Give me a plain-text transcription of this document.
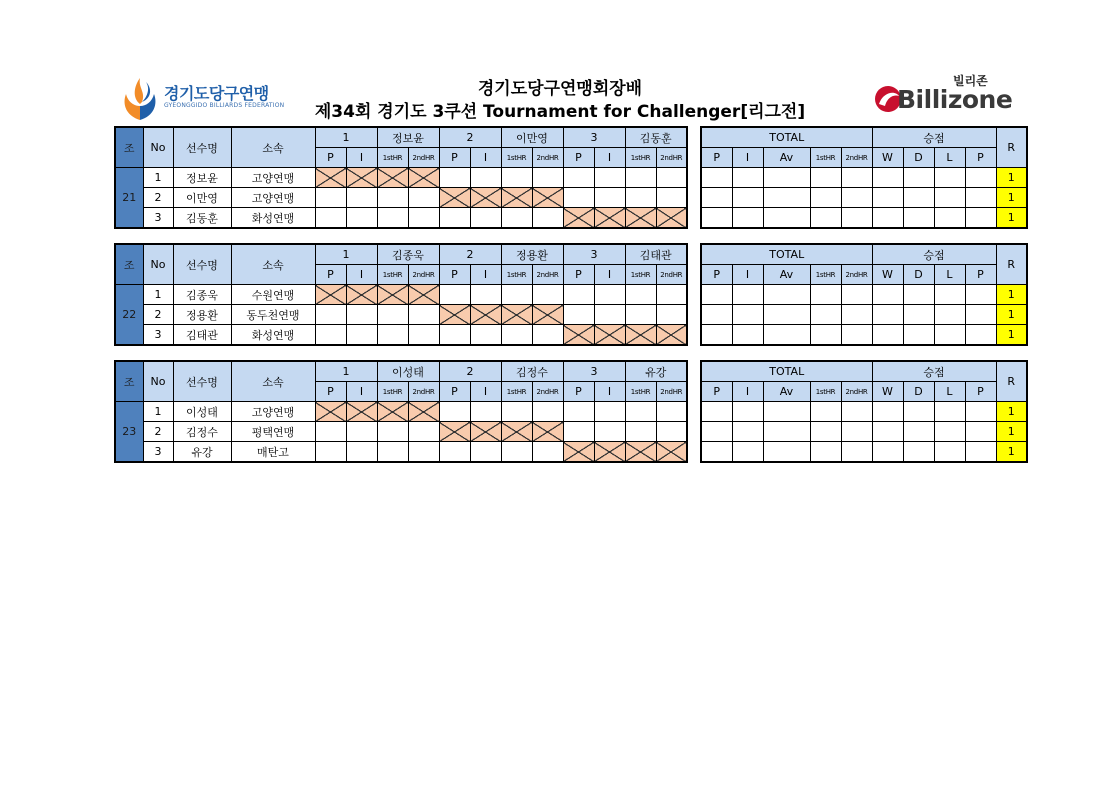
경기도당구연맹
GYEONGGIDO BILLIARDS FEDERATION
경기도당구연맹회장배
제34회 경기도 3쿠션 Tournament for Challenger[리그전]
빌리존
Billizone
조	No	선수명	소속	1		정보윤		2		이만영		3		김동훈			TOTAL					승점				R
				P	I	1stHR	2ndHR	P	I	1stHR	2ndHR	P	I	1stHR	2ndHR		P	I	Av	1stHR	2ndHR	W	D	L	P	
21	1	정보윤	고양연맹																							1
	2	이만영	고양연맹																							1
	3	김동훈	화성연맹																							1
조	No	선수명	소속	1		김종욱		2		정용환		3		김태관			TOTAL					승점				R
				P	I	1stHR	2ndHR	P	I	1stHR	2ndHR	P	I	1stHR	2ndHR		P	I	Av	1stHR	2ndHR	W	D	L	P	
22	1	김종욱	수원연맹																							1
	2	정용환	동두천연맹																							1
	3	김태관	화성연맹																							1
조	No	선수명	소속	1		이성태		2		김정수		3		유강			TOTAL					승점				R
				P	I	1stHR	2ndHR	P	I	1stHR	2ndHR	P	I	1stHR	2ndHR		P	I	Av	1stHR	2ndHR	W	D	L	P	
23	1	이성태	고양연맹																							1
	2	김정수	평택연맹																							1
	3	유강	매탄고																							1
